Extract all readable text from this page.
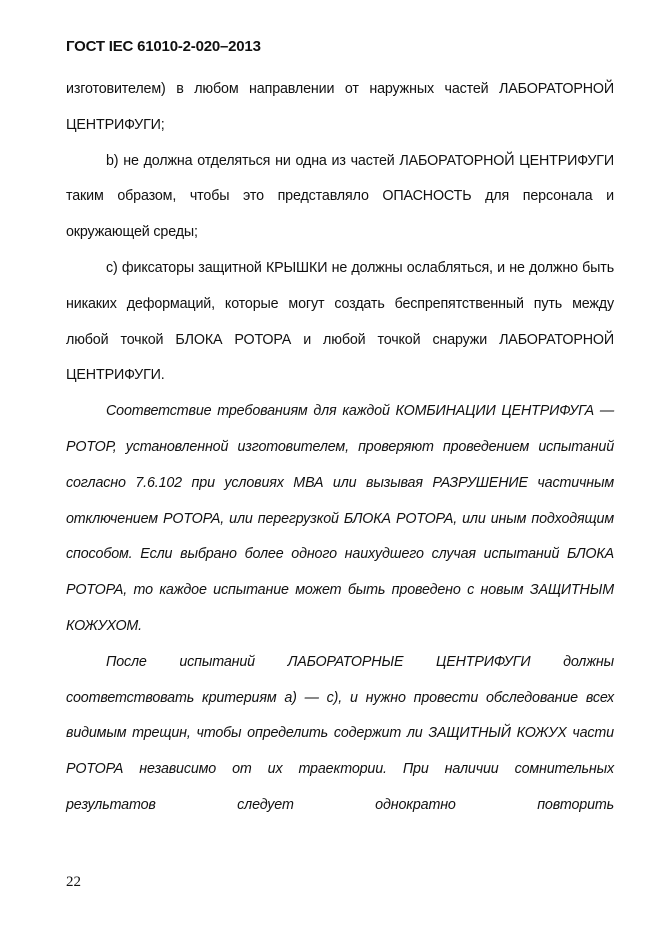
ГОСТ IEC 61010-2-020–2013

изготовителем) в любом направлении от наружных частей ЛАБОРАТОРНОЙ ЦЕНТРИФУГИ;

b) не должна отделяться ни одна из частей ЛАБОРАТОРНОЙ ЦЕНТРИФУГИ таким образом, чтобы это представляло ОПАСНОСТЬ для персонала и окружающей среды;

c) фиксаторы защитной КРЫШКИ не должны ослабляться, и не должно быть никаких деформаций, которые могут создать беспрепятственный путь между любой точкой БЛОКА РОТОРА и любой точкой снаружи ЛАБОРАТОРНОЙ ЦЕНТРИФУГИ.

Соответствие требованиям для каждой КОМБИНАЦИИ ЦЕНТРИФУГА — РОТОР, установленной изготовителем, проверяют проведением испытаний согласно 7.6.102 при условиях МВА или вызывая РАЗРУШЕНИЕ частичным отключением РОТОРА, или перегрузкой БЛОКА РОТОРА, или иным подходящим способом. Если выбрано более одного наихудшего случая испытаний БЛОКА РОТОРА, то каждое испытание может быть проведено с новым ЗАЩИТНЫМ КОЖУХОМ.

После испытаний ЛАБОРАТОРНЫЕ ЦЕНТРИФУГИ должны соответствовать критериям а) — с), и нужно провести обследование всех видимым трещин, чтобы определить содержит ли ЗАЩИТНЫЙ КОЖУХ части РОТОРА независимо от их траектории. При наличии сомнительных результатов следует однократно повторить

22
